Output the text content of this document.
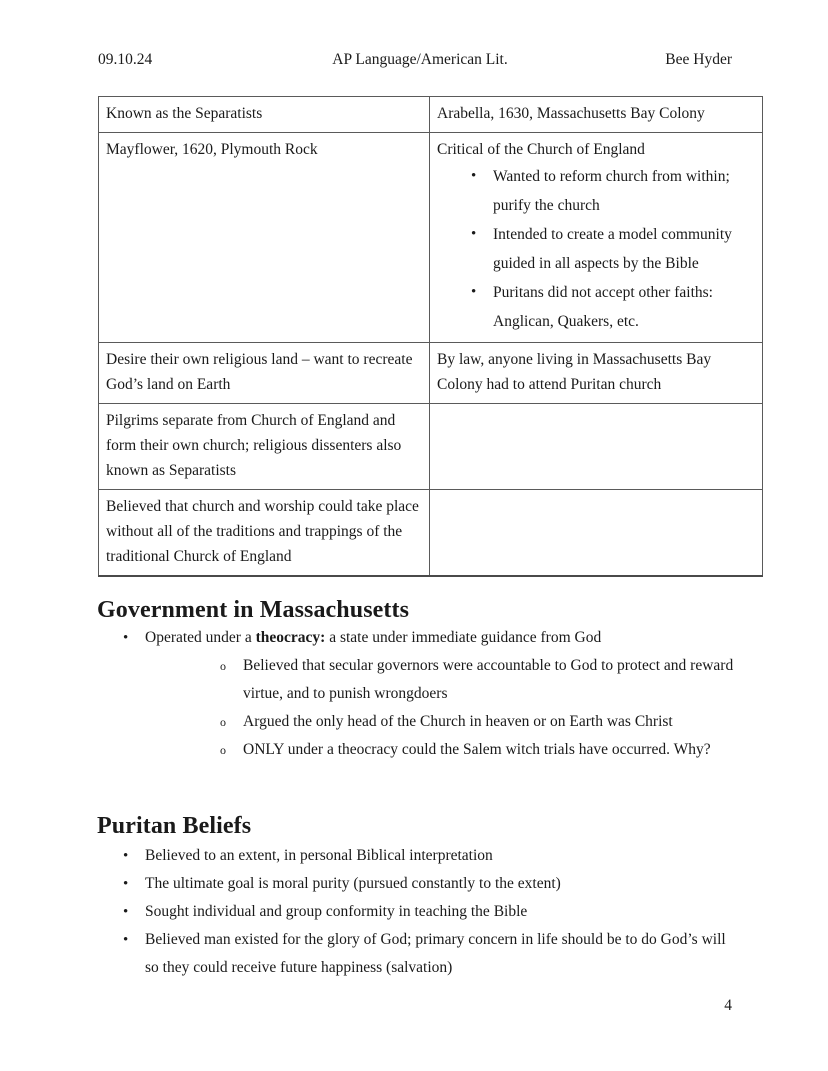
09.10.24	AP Language/American Lit.	Bee Hyder
Known as the Separatists	Arabella, 1630, Massachusetts Bay Colony

Mayflower, 1620, Plymouth Rock	Critical of the Church of England
• Wanted to reform church from within; purify the church
• Intended to create a model community guided in all aspects by the Bible
• Puritans did not accept other faiths: Anglican, Quakers, etc.

Desire their own religious land – want to recreate God’s land on Earth	By law, anyone living in Massachusetts Bay Colony had to attend Puritan church

Pilgrims separate from Church of England and form their own church; religious dissenters also known as Separatists	

Believed that church and worship could take place without all of the traditions and trappings of the traditional Churck of England	

Government in Massachusetts
• Operated under a theocracy: a state under immediate guidance from God
o Believed that secular governors were accountable to God to protect and reward virtue, and to punish wrongdoers
o Argued the only head of the Church in heaven or on Earth was Christ
o ONLY under a theocracy could the Salem witch trials have occurred. Why?
Puritan Beliefs
• Believed to an extent, in personal Biblical interpretation
• The ultimate goal is moral purity (pursued constantly to the extent)
• Sought individual and group conformity in teaching the Bible
• Believed man existed for the glory of God; primary concern in life should be to do God’s will so they could receive future happiness (salvation)
4
